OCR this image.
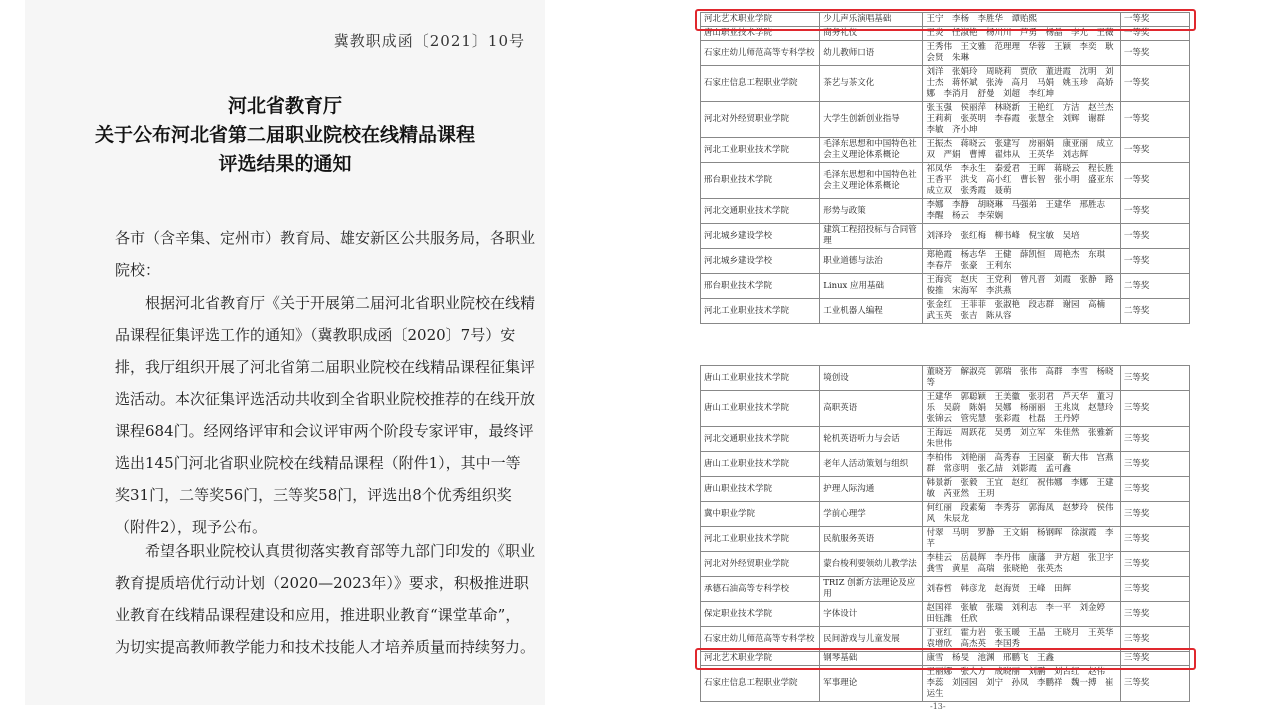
冀教职成函〔2021〕10号
河北省教育厅
关于公布河北省第二届职业院校在线精品课程
评选结果的通知
各市（含辛集、定州市）教育局、雄安新区公共服务局，各职业院校：
根据河北省教育厅《关于开展第二届河北省职业院校在线精品课程征集评选工作的通知》（冀教职成函〔2020〕7号）安排，我厅组织开展了河北省第二届职业院校在线精品课程征集评选活动。本次征集评选活动共收到全省职业院校推荐的在线开放课程684门。经网络评审和会议评审两个阶段专家评审，最终评选出145门河北省职业院校在线精品课程（附件1），其中一等奖31门，二等奖56门，三等奖58门，评选出8个优秀组织奖（附件2），现予公布。
希望各职业院校认真贯彻落实教育部等九部门印发的《职业教育提质培优行动计划（2020—2023年）》要求，积极推进职业教育在线精品课程建设和应用，推进职业教育“课堂革命”，为切实提高教师教学能力和技术技能人才培养质量而持续努力。
河北艺术职业学院	少儿声乐演唱基础	王宁　李杨　李胜华　谭贻熙	一等奖
唐山职业技术学院	商务礼仪	王炎　任淑艳　杨川川　芦勇　杨晶　李允　王薇	一等奖
石家庄幼儿师范高等专科学校	幼儿教师口语	王秀伟　王文雅　范理理　华蓉　王颖　李奕　耿会贤　朱琳	一等奖
石家庄信息工程职业学院	茶艺与茶文化	刘洋　张娟玲　周晓莉　贾欣　董进霞　沈明　刘士杰　蒋怀斌　张涛　高月　马娟　姚玉珍　高娇娜　李消月　舒曼　刘超　李红坤	一等奖
河北对外经贸职业学院	大学生创新创业指导	张玉强　侯丽萍　林晓新　王艳红　方洁　赵兰杰　王莉莉　张英明　李春霞　张慧全　刘辉　谢群　李敏　齐小坤	一等奖
河北工业职业技术学院	毛泽东思想和中国特色社会主义理论体系概论	王振杰　蒋晓云　张建写　房丽娟　康亚丽　成立双　严娟　曹博　翟炜从　王英华　刘志辉	一等奖
邢台职业技术学院	毛泽东思想和中国特色社会主义理论体系概论	祁凤华　李永生　秦爱君　王晖　蒋晓云　程长胜　王香平　洪戈　高小红　曹长智　张小明　盛亚东　成立双　张秀霞　聂萌	一等奖
河北交通职业技术学院	形势与政策	李娜　李静　胡晓琳　马强弟　王建华　邢胜志　李醒　杨云　李荣娴	一等奖
河北城乡建设学校	建筑工程招投标与合同管理	刘泽玲　张红梅　柳书峰　倪宝敏　吴培	一等奖
河北城乡建设学校	职业道德与法治	郑艳霞　杨志华　王健　薛凯恒　周艳杰　东琪　李春芹　张豪　王利东	一等奖
邢台职业技术学院	Linux 应用基础	王海宾　赵庆　王党利　曾凡晋　刘霞　张静　路俊推　宋海军　李洪燕	二等奖
河北工业职业技术学院	工业机器人编程	张金红　王菲菲　张淑艳　段志群　谢园　高楠　武玉英　张吉　陈从容	二等奖
唐山工业职业技术学院	境创设	董晓芳　解淑亮　郭瑞　张伟　高群　李雪　杨晓等	三等奖
唐山工业职业技术学院	高职英语	王建华　郭聪颖　王美徽　张羽君　芦天华　董习乐　吴蔚　陈娟　吴娜　杨丽丽　王兆岚　赵慧玲　张锦云　管宪慧　张彩霞　杜磊　王丹婷	三等奖
河北交通职业技术学院	轮机英语听力与会话	王海远　周跃花　吴勇　刘立军　朱佳然　张雅新　朱世伟	三等奖
唐山工业职业技术学院	老年人活动策划与组织	李柏伟　刘艳丽　高秀春　王园豪　靳大伟　宫燕群　常彦明　张乙喆　刘影霞　孟可鑫	三等奖
唐山职业技术学院	护理人际沟通	韩景新　张毅　王宜　赵红　祝伟娜　李娜　王建敏　芮亚然　王玥	三等奖
冀中职业学院	学前心理学	何红丽　段素菊　李秀芬　郭海凤　赵梦玲　侯伟风　朱辰龙	三等奖
河北工业职业技术学院	民航服务英语	付翠　马明　罗静　王文娟　杨钢晖　徐淑霞　李芊	三等奖
河北对外经贸职业学院	蒙台梭利要领幼儿教学法	李桂云　岳晨辉　李丹伟　康藩　尹方超　张卫宇　龚雪　黄星　高瑞　张晓艳　张英杰	三等奖
承德石油高等专科学校	TRIZ 创新方法理论及应用	刘春哲　韩彦龙　赵海贤　王峰　田辉	三等奖
保定职业技术学院	字体设计	赵国祥　张敏　张瑞　刘利志　李一平　刘金婷　田钰潍　任欣	三等奖
石家庄幼儿师范高等专科学校	民间游戏与儿童发展	丁亚红　霍力岩　张玉暖　王晶　王晓月　王英华　袁增欣　高杰英　李国秀	三等奖
河北艺术职业学院	钢琴基础	康雪　杨旻　池渊　邢鹏飞　王鑫	三等奖
石家庄信息工程职业学院	军事理论	王丽娜　张大方　成晓丽　刘鹏　刘占红　赵伟　李蕊　刘园园　刘宁　孙凤　李鹏祥　魏一搏　崔运生	三等奖
-13-
